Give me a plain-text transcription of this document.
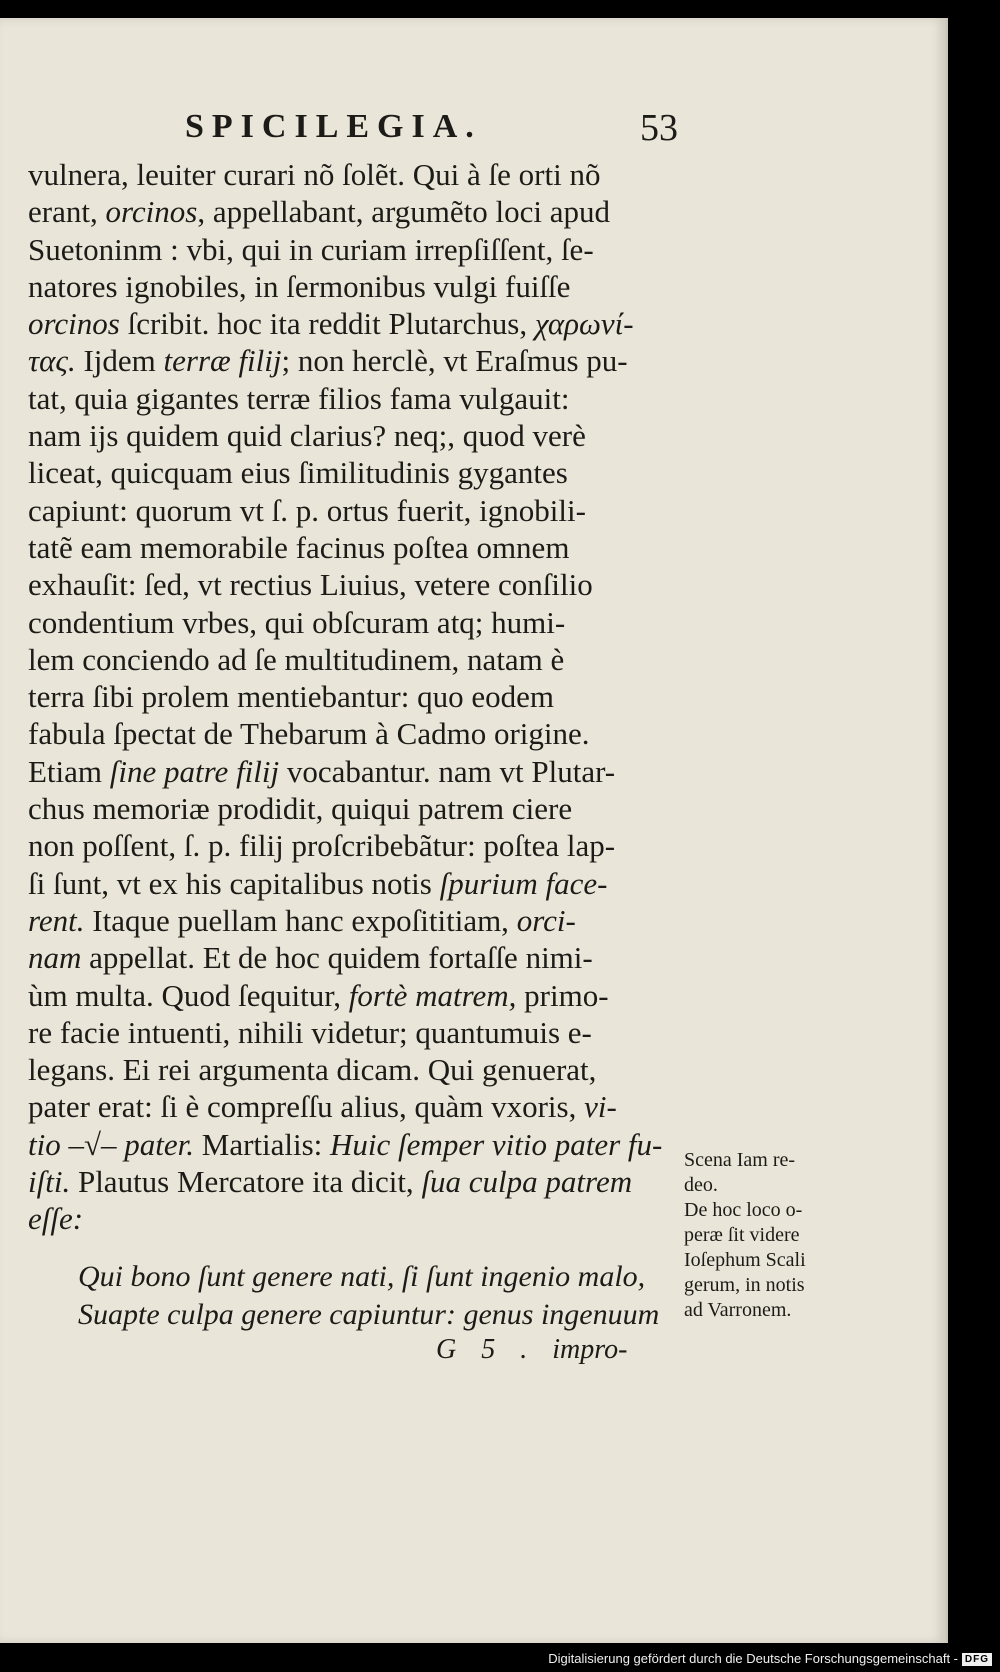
SPICILEGIA.	53
vulnera, leuiter curari nõ ſolẽt. Qui à ſe orti nõ
erant, orcinos, appellabant, argumẽto loci apud
Suetoninm : vbi, qui in curiam irrepſiſſent, ſe-
natores ignobiles, in ſermonibus vulgi fuiſſe
orcinos ſcribit. hoc ita reddit Plutarchus, χαρωνί-
τας. Ijdem terræ filij; non herclè, vt Eraſmus pu-
tat, quia gigantes terræ filios fama vulgauit:
nam ijs quidem quid clarius? neq;, quod verè
liceat, quicquam eius ſimilitudinis gygantes
capiunt: quorum vt ſ. p. ortus fuerit, ignobili-
tatẽ eam memorabile facinus poſtea omnem
exhauſit: ſed, vt rectius Liuius, vetere conſilio
condentium vrbes, qui obſcuram atq; humi-
lem conciendo ad ſe multitudinem, natam è
terra ſibi prolem mentiebantur: quo eodem
fabula ſpectat de Thebarum à Cadmo origine.
Etiam ſine patre filij vocabantur. nam vt Plutar-
chus memoriæ prodidit, quiqui patrem ciere
non poſſent, ſ. p. filij proſcribebãtur: poſtea lap-
ſi ſunt, vt ex his capitalibus notis ſpurium face-
rent. Itaque puellam hanc expoſititiam, orci-
nam appellat. Et de hoc quidem fortaſſe nimi-
ùm multa. Quod ſequitur, fortè matrem, primo-
re facie intuenti, nihili videtur; quantumuis e-
legans. Ei rei argumenta dicam. Qui genuerat,
pater erat: ſi è compreſſu alius, quàm vxoris, vi-
tio –√– pater. Martialis: Huic ſemper vitio pater fu-
iſti. Plautus Mercatore ita dicit, ſua culpa patrem
eſſe:
Qui bono ſunt genere nati, ſi ſunt ingenio malo,
Suapte culpa genere capiuntur: genus ingenuum
G 5 . impro-
Scena Iam re-
deo.
De hoc loco o-
peræ ſit videre
Ioſephum Scali
gerum, in notis
ad Varronem.
Digitalisierung gefördert durch die Deutsche Forschungsgemeinschaft - DFG
